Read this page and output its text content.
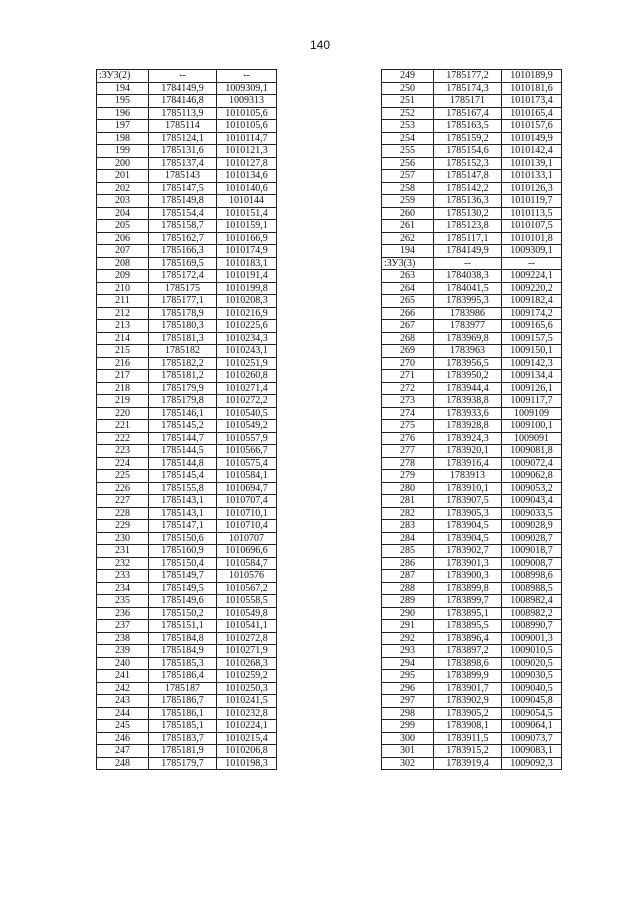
140
:ЗУ3(2)	--	--
194	1784149,9	1009309,1
195	1784146,8	1009313
196	1785113,9	1010105,6
197	1785114	1010105,6
198	1785124,1	1010114,7
199	1785131,6	1010121,3
200	1785137,4	1010127,8
201	1785143	1010134,6
202	1785147,5	1010140,6
203	1785149,8	1010144
204	1785154,4	1010151,4
205	1785158,7	1010159,1
206	1785162,7	1010166,9
207	1785166,3	1010174,9
208	1785169,5	1010183,1
209	1785172,4	1010191,4
210	1785175	1010199,8
211	1785177,1	1010208,3
212	1785178,9	1010216,9
213	1785180,3	1010225,6
214	1785181,3	1010234,3
215	1785182	1010243,1
216	1785182,2	1010251,9
217	1785181,2	1010260,8
218	1785179,9	1010271,4
219	1785179,8	1010272,2
220	1785146,1	1010540,5
221	1785145,2	1010549,2
222	1785144,7	1010557,9
223	1785144,5	1010566,7
224	1785144,8	1010575,4
225	1785145,4	1010584,1
226	1785155,8	1010694,7
227	1785143,1	1010707,4
228	1785143,1	1010710,1
229	1785147,1	1010710,4
230	1785150,6	1010707
231	1785160,9	1010696,6
232	1785150,4	1010584,7
233	1785149,7	1010576
234	1785149,5	1010567,2
235	1785149,6	1010558,5
236	1785150,2	1010549,8
237	1785151,1	1010541,1
238	1785184,8	1010272,8
239	1785184,9	1010271,9
240	1785185,3	1010268,3
241	1785186,4	1010259,2
242	1785187	1010250,3
243	1785186,7	1010241,5
244	1785186,1	1010232,8
245	1785185,1	1010224,1
246	1785183,7	1010215,4
247	1785181,9	1010206,8
248	1785179,7	1010198,3
249	1785177,2	1010189,9
250	1785174,3	1010181,6
251	1785171	1010173,4
252	1785167,4	1010165,4
253	1785163,5	1010157,6
254	1785159,2	1010149,9
255	1785154,6	1010142,4
256	1785152,3	1010139,1
257	1785147,8	1010133,1
258	1785142,2	1010126,3
259	1785136,3	1010119,7
260	1785130,2	1010113,5
261	1785123,8	1010107,5
262	1785117,1	1010101,8
194	1784149,9	1009309,1
:ЗУ3(3)	--	--
263	1784038,3	1009224,1
264	1784041,5	1009220,2
265	1783995,3	1009182,4
266	1783986	1009174,2
267	1783977	1009165,6
268	1783969,8	1009157,5
269	1783963	1009150,1
270	1783956,5	1009142,3
271	1783950,2	1009134,4
272	1783944,4	1009126,1
273	1783938,8	1009117,7
274	1783933,6	1009109
275	1783928,8	1009100,1
276	1783924,3	1009091
277	1783920,1	1009081,8
278	1783916,4	1009072,4
279	1783913	1009062,8
280	1783910,1	1009053,2
281	1783907,5	1009043,4
282	1783905,3	1009033,5
283	1783904,5	1009028,9
284	1783904,5	1009028,7
285	1783902,7	1009018,7
286	1783901,3	1009008,7
287	1783900,3	1008998,6
288	1783899,8	1008988,5
289	1783899,7	1008982,4
290	1783895,1	1008982,2
291	1783895,5	1008990,7
292	1783896,4	1009001,3
293	1783897,2	1009010,5
294	1783898,6	1009020,5
295	1783899,9	1009030,5
296	1783901,7	1009040,5
297	1783902,9	1009045,8
298	1783905,2	1009054,5
299	1783908,1	1009064,1
300	1783911,5	1009073,7
301	1783915,2	1009083,1
302	1783919,4	1009092,3
